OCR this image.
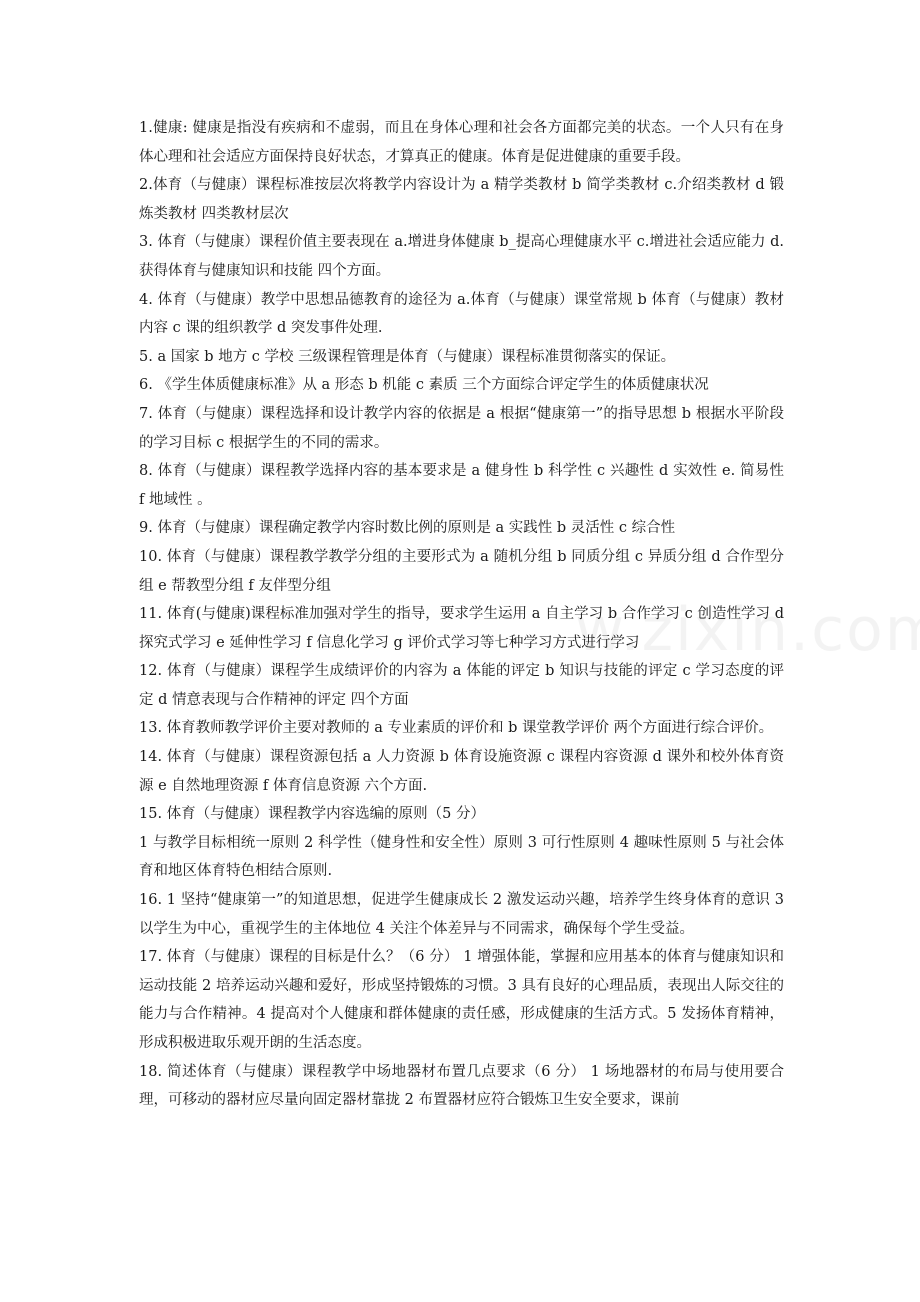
1.健康: 健康是指没有疾病和不虚弱，而且在身体心理和社会各方面都完美的状态。一个人只有在身体心理和社会适应方面保持良好状态，才算真正的健康。体育是促进健康的重要手段。

2.体育（与健康）课程标准按层次将教学内容设计为 a 精学类教材 b 简学类教材 c.介绍类教材 d 锻炼类教材 四类教材层次

3. 体育（与健康）课程价值主要表现在 a.增进身体健康 b_提高心理健康水平 c.增进社会适应能力 d.获得体育与健康知识和技能 四个方面。

4. 体育（与健康）教学中思想品德教育的途径为 a.体育（与健康）课堂常规 b 体育（与健康）教材内容 c 课的组织教学 d 突发事件处理.

5. a 国家 b 地方 c 学校 三级课程管理是体育（与健康）课程标准贯彻落实的保证。

6. 《学生体质健康标准》从 a 形态 b 机能 c 素质 三个方面综合评定学生的体质健康状况

7. 体育（与健康）课程选择和设计教学内容的依据是 a 根据“健康第一”的指导思想 b 根据水平阶段的学习目标 c 根据学生的不同的需求。

8. 体育（与健康）课程教学选择内容的基本要求是 a 健身性 b 科学性 c 兴趣性 d 实效性 e. 简易性 f 地域性 。

9. 体育（与健康）课程确定教学内容时数比例的原则是 a 实践性 b 灵活性 c 综合性

10. 体育（与健康）课程教学教学分组的主要形式为 a 随机分组 b 同质分组 c 异质分组 d 合作型分组 e 帮教型分组 f 友伴型分组

11. 体育(与健康)课程标准加强对学生的指导，要求学生运用 a 自主学习 b 合作学习 c 创造性学习 d 探究式学习 e 延伸性学习 f 信息化学习 g 评价式学习等七种学习方式进行学习

12. 体育（与健康）课程学生成绩评价的内容为 a 体能的评定 b 知识与技能的评定 c 学习态度的评定 d 情意表现与合作精神的评定 四个方面

13. 体育教师教学评价主要对教师的 a 专业素质的评价和 b 课堂教学评价 两个方面进行综合评价。

14. 体育（与健康）课程资源包括 a 人力资源 b 体育设施资源 c 课程内容资源 d 课外和校外体育资源 e 自然地理资源 f 体育信息资源 六个方面.

15. 体育（与健康）课程教学内容选编的原则（5 分）

1 与教学目标相统一原则 2 科学性（健身性和安全性）原则 3 可行性原则 4 趣味性原则 5 与社会体育和地区体育特色相结合原则.

16. 1 坚持“健康第一”的知道思想，促进学生健康成长 2 激发运动兴趣，培养学生终身体育的意识 3 以学生为中心，重视学生的主体地位 4 关注个体差异与不同需求，确保每个学生受益。

17. 体育（与健康）课程的目标是什么？（6 分） 1 增强体能，掌握和应用基本的体育与健康知识和运动技能 2 培养运动兴趣和爱好，形成坚持锻炼的习惯。3 具有良好的心理品质，表现出人际交往的能力与合作精神。4 提高对个人健康和群体健康的责任感，形成健康的生活方式。5 发扬体育精神，形成积极进取乐观开朗的生活态度。

18. 简述体育（与健康）课程教学中场地器材布置几点要求（6 分） 1 场地器材的布局与使用要合理，可移动的器材应尽量向固定器材靠拢 2 布置器材应符合锻炼卫生安全要求，课前
